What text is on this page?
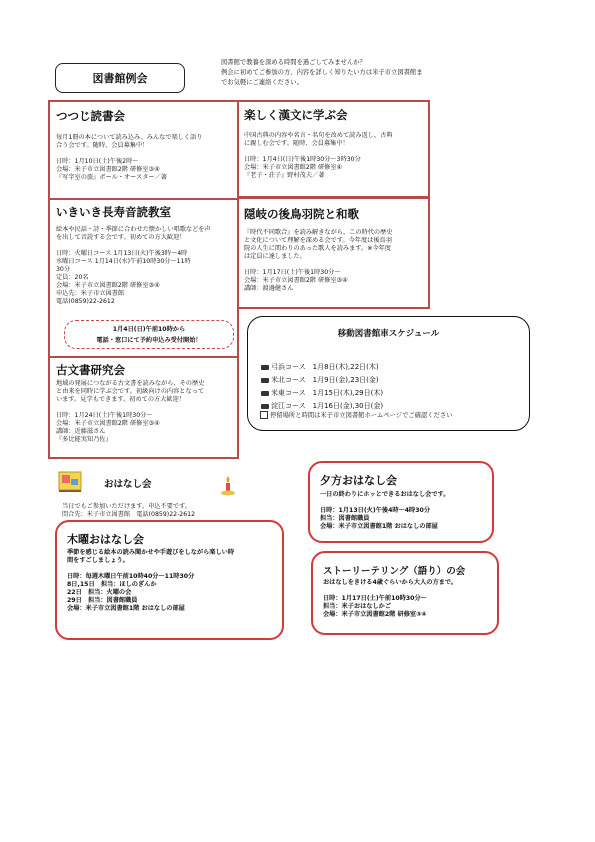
図書館例会
図書館で教養を深める時間を過ごしてみませんか？
例会に初めてご参加の方、内容を詳しく知りたい方は米子市立図書館ま
でお気軽にご連絡ください。
つつじ読書会
毎月1冊の本について読み込み、みんなで楽しく語り
合う会です。随時、会員募集中！
日時：1月10日(土)午後2時～
会場：米子市立図書館2階 研修室③④
『写字室の旅』ポール・オースター／著
楽しく漢文に学ぶ会
中国古典の内容や名言・名句を改めて読み返し、古典
に親しむ会です。随時、会員募集中！
日時：1月4日(日)午後1時30分～3時30分
会場：米子市立図書館2階 研修室④
『老子・荘子』野村茂夫／著
いきいき長寿音読教室
絵本や民話・詩・季節に合わせた懐かしい唱歌などを声
を出して音読する会です。初めての方大歓迎！
日時：火曜日コース 1月13日(火)午後3時～4時
水曜日コース 1月14日(水)午前10時30分～11時
30分
定員：20名
会場：米子市立図書館2階 研修室③④
申込先：米子市立図書館
電話(0859)22-2612
1月4日(日)午前10時から
電話・窓口にて予約申込み受付開始！
隠岐の後鳥羽院と和歌
『時代不同歌合』を読み解きながら、この時代の歴史
と文化について理解を深める会です。今年度は後鳥羽
院の人生に関わりのあった歌人を読みます。※今年度
は定員に達しました。
日時：1月17日(土)午後1時30分～
会場：米子市立図書館2階 研修室③④
講師：渡邊健さん
移動図書館車スケジュール
弓浜コース　1月8日(木),22日(木)
米北コース　1月9日(金),23日(金)
米東コース　1月15日(木),29日(木)
淀江コース　1月16日(金),30日(金)
停留場所と時間は米子市立図書館ホームページでご確認ください
古文書研究会
地域の発展につながる古文書を読みながら、その歴史
と由来を同時に学ぶ会です。初級向けの内容となって
います。見学もできます。初めての方大歓迎！
日時：1月24日(土)午後1時30分～
会場：米子市立図書館2階 研修室③④
講師：近藤滋さん
『多比能実知乃佐』
おはなし会
当日でもご参加いただけます。申込不要です。
問合先：米子市立図書館　電話(0859)22-2612
木曜おはなし会
季節を感じる絵本の読み聞かせや手遊びをしながら楽しい時
間をすごしましょう。
日時：毎週木曜日午前10時40分～11時30分
8日,15日　担当：ほしのぎんか
22日　担当：火曜の会
29日　担当：図書館職員
会場：米子市立図書館1階 おはなしの部屋
夕方おはなし会
一日の終わりにホッとできるおはなし会です。
日時：1月13日(火)午後4時～4時30分
担当：図書館職員
会場：米子市立図書館1階 おはなしの部屋
ストーリーテリング（語り）の会
おはなしをきける4歳ぐらいから大人の方まで。
日時：1月17日(土)午前10時30分～
担当：米子おはなしかご
会場：米子市立図書館2階 研修室③④
